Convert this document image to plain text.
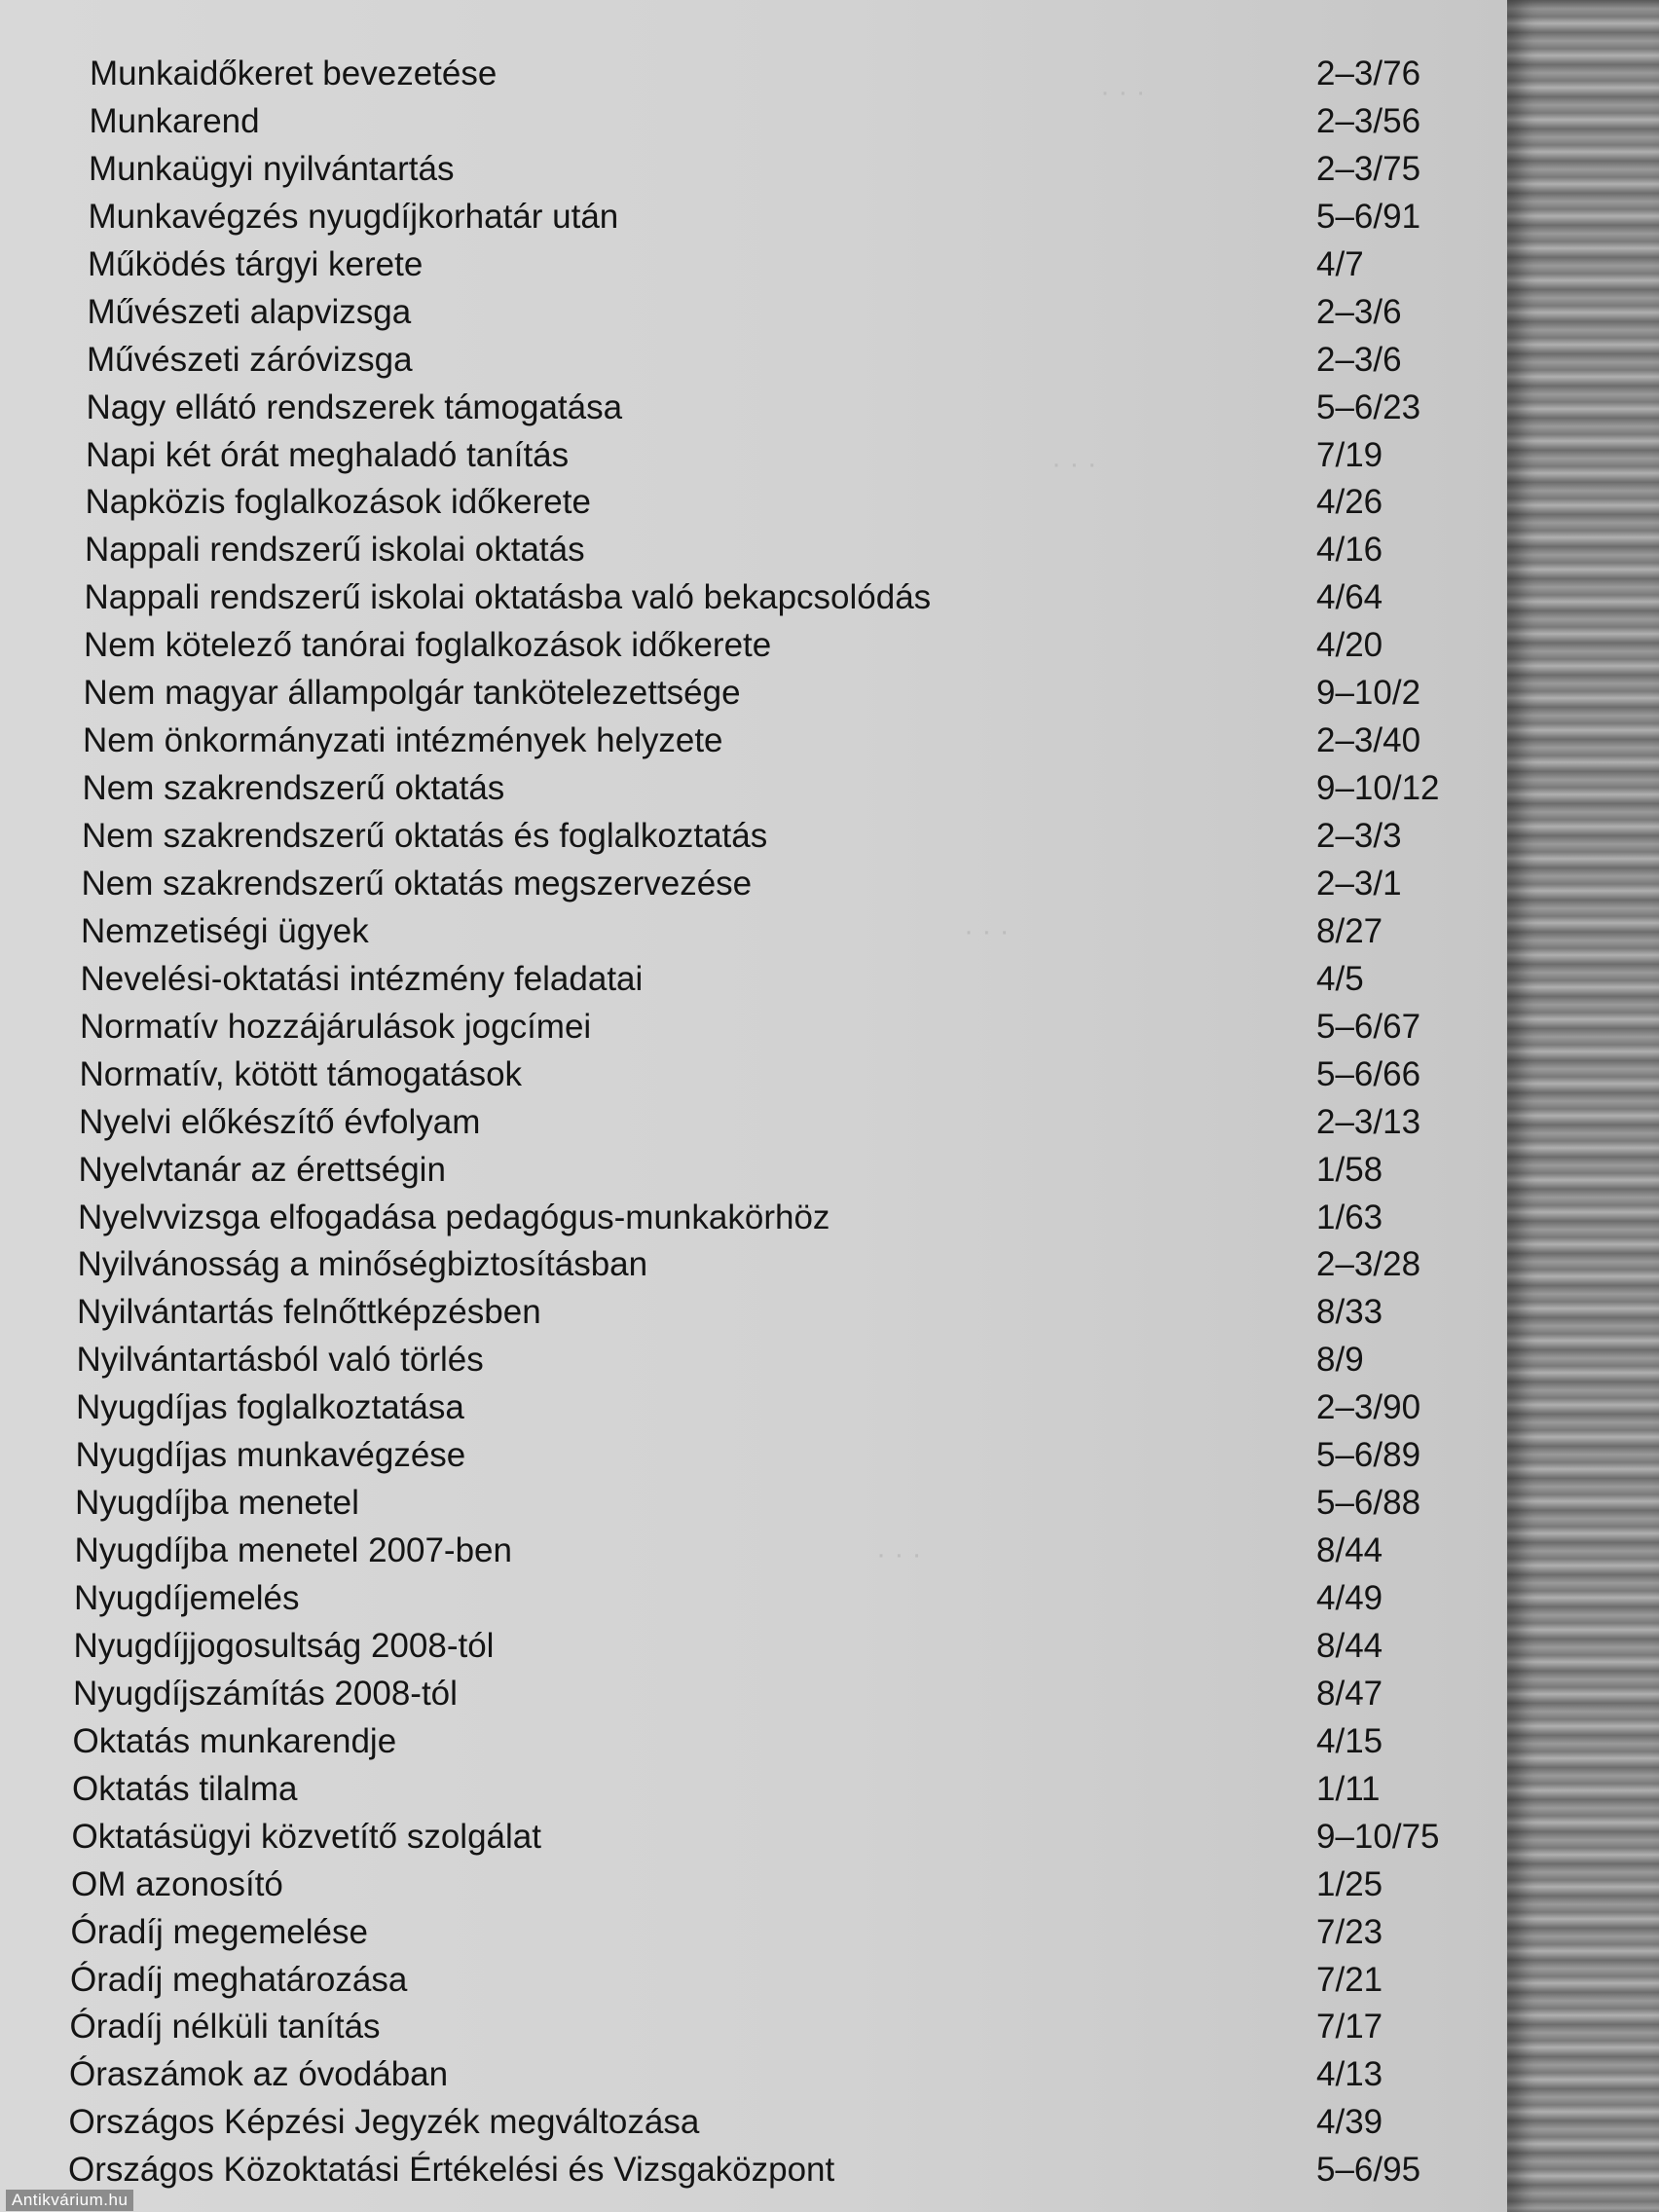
· · ·
· · ·
· · ·
· · ·
Munkaidőkeret bevezetése	2–3/76
Munkarend	2–3/56
Munkaügyi nyilvántartás	2–3/75
Munkavégzés nyugdíjkorhatár után	5–6/91
Működés tárgyi kerete	4/7
Művészeti alapvizsga	2–3/6
Művészeti záróvizsga	2–3/6
Nagy ellátó rendszerek támogatása	5–6/23
Napi két órát meghaladó tanítás	7/19
Napközis foglalkozások időkerete	4/26
Nappali rendszerű iskolai oktatás	4/16
Nappali rendszerű iskolai oktatásba való bekapcsolódás	4/64
Nem kötelező tanórai foglalkozások időkerete	4/20
Nem magyar állampolgár tankötelezettsége	9–10/2
Nem önkormányzati intézmények helyzete	2–3/40
Nem szakrendszerű oktatás	9–10/12
Nem szakrendszerű oktatás és foglalkoztatás	2–3/3
Nem szakrendszerű oktatás megszervezése	2–3/1
Nemzetiségi ügyek	8/27
Nevelési-oktatási intézmény feladatai	4/5
Normatív hozzájárulások jogcímei	5–6/67
Normatív, kötött támogatások	5–6/66
Nyelvi előkészítő évfolyam	2–3/13
Nyelvtanár az érettségin	1/58
Nyelvvizsga elfogadása pedagógus-munkakörhöz	1/63
Nyilvánosság a minőségbiztosításban	2–3/28
Nyilvántartás felnőttképzésben	8/33
Nyilvántartásból való törlés	8/9
Nyugdíjas foglalkoztatása	2–3/90
Nyugdíjas munkavégzése	5–6/89
Nyugdíjba menetel	5–6/88
Nyugdíjba menetel 2007-ben	8/44
Nyugdíjemelés	4/49
Nyugdíjjogosultság 2008-tól	8/44
Nyugdíjszámítás 2008-tól	8/47
Oktatás munkarendje	4/15
Oktatás tilalma	1/11
Oktatásügyi közvetítő szolgálat	9–10/75
OM azonosító	1/25
Óradíj megemelése	7/23
Óradíj meghatározása	7/21
Óradíj nélküli tanítás	7/17
Óraszámok az óvodában	4/13
Országos Képzési Jegyzék megváltozása	4/39
Országos Közoktatási Értékelési és Vizsgaközpont	5–6/95
Antikvárium.hu
